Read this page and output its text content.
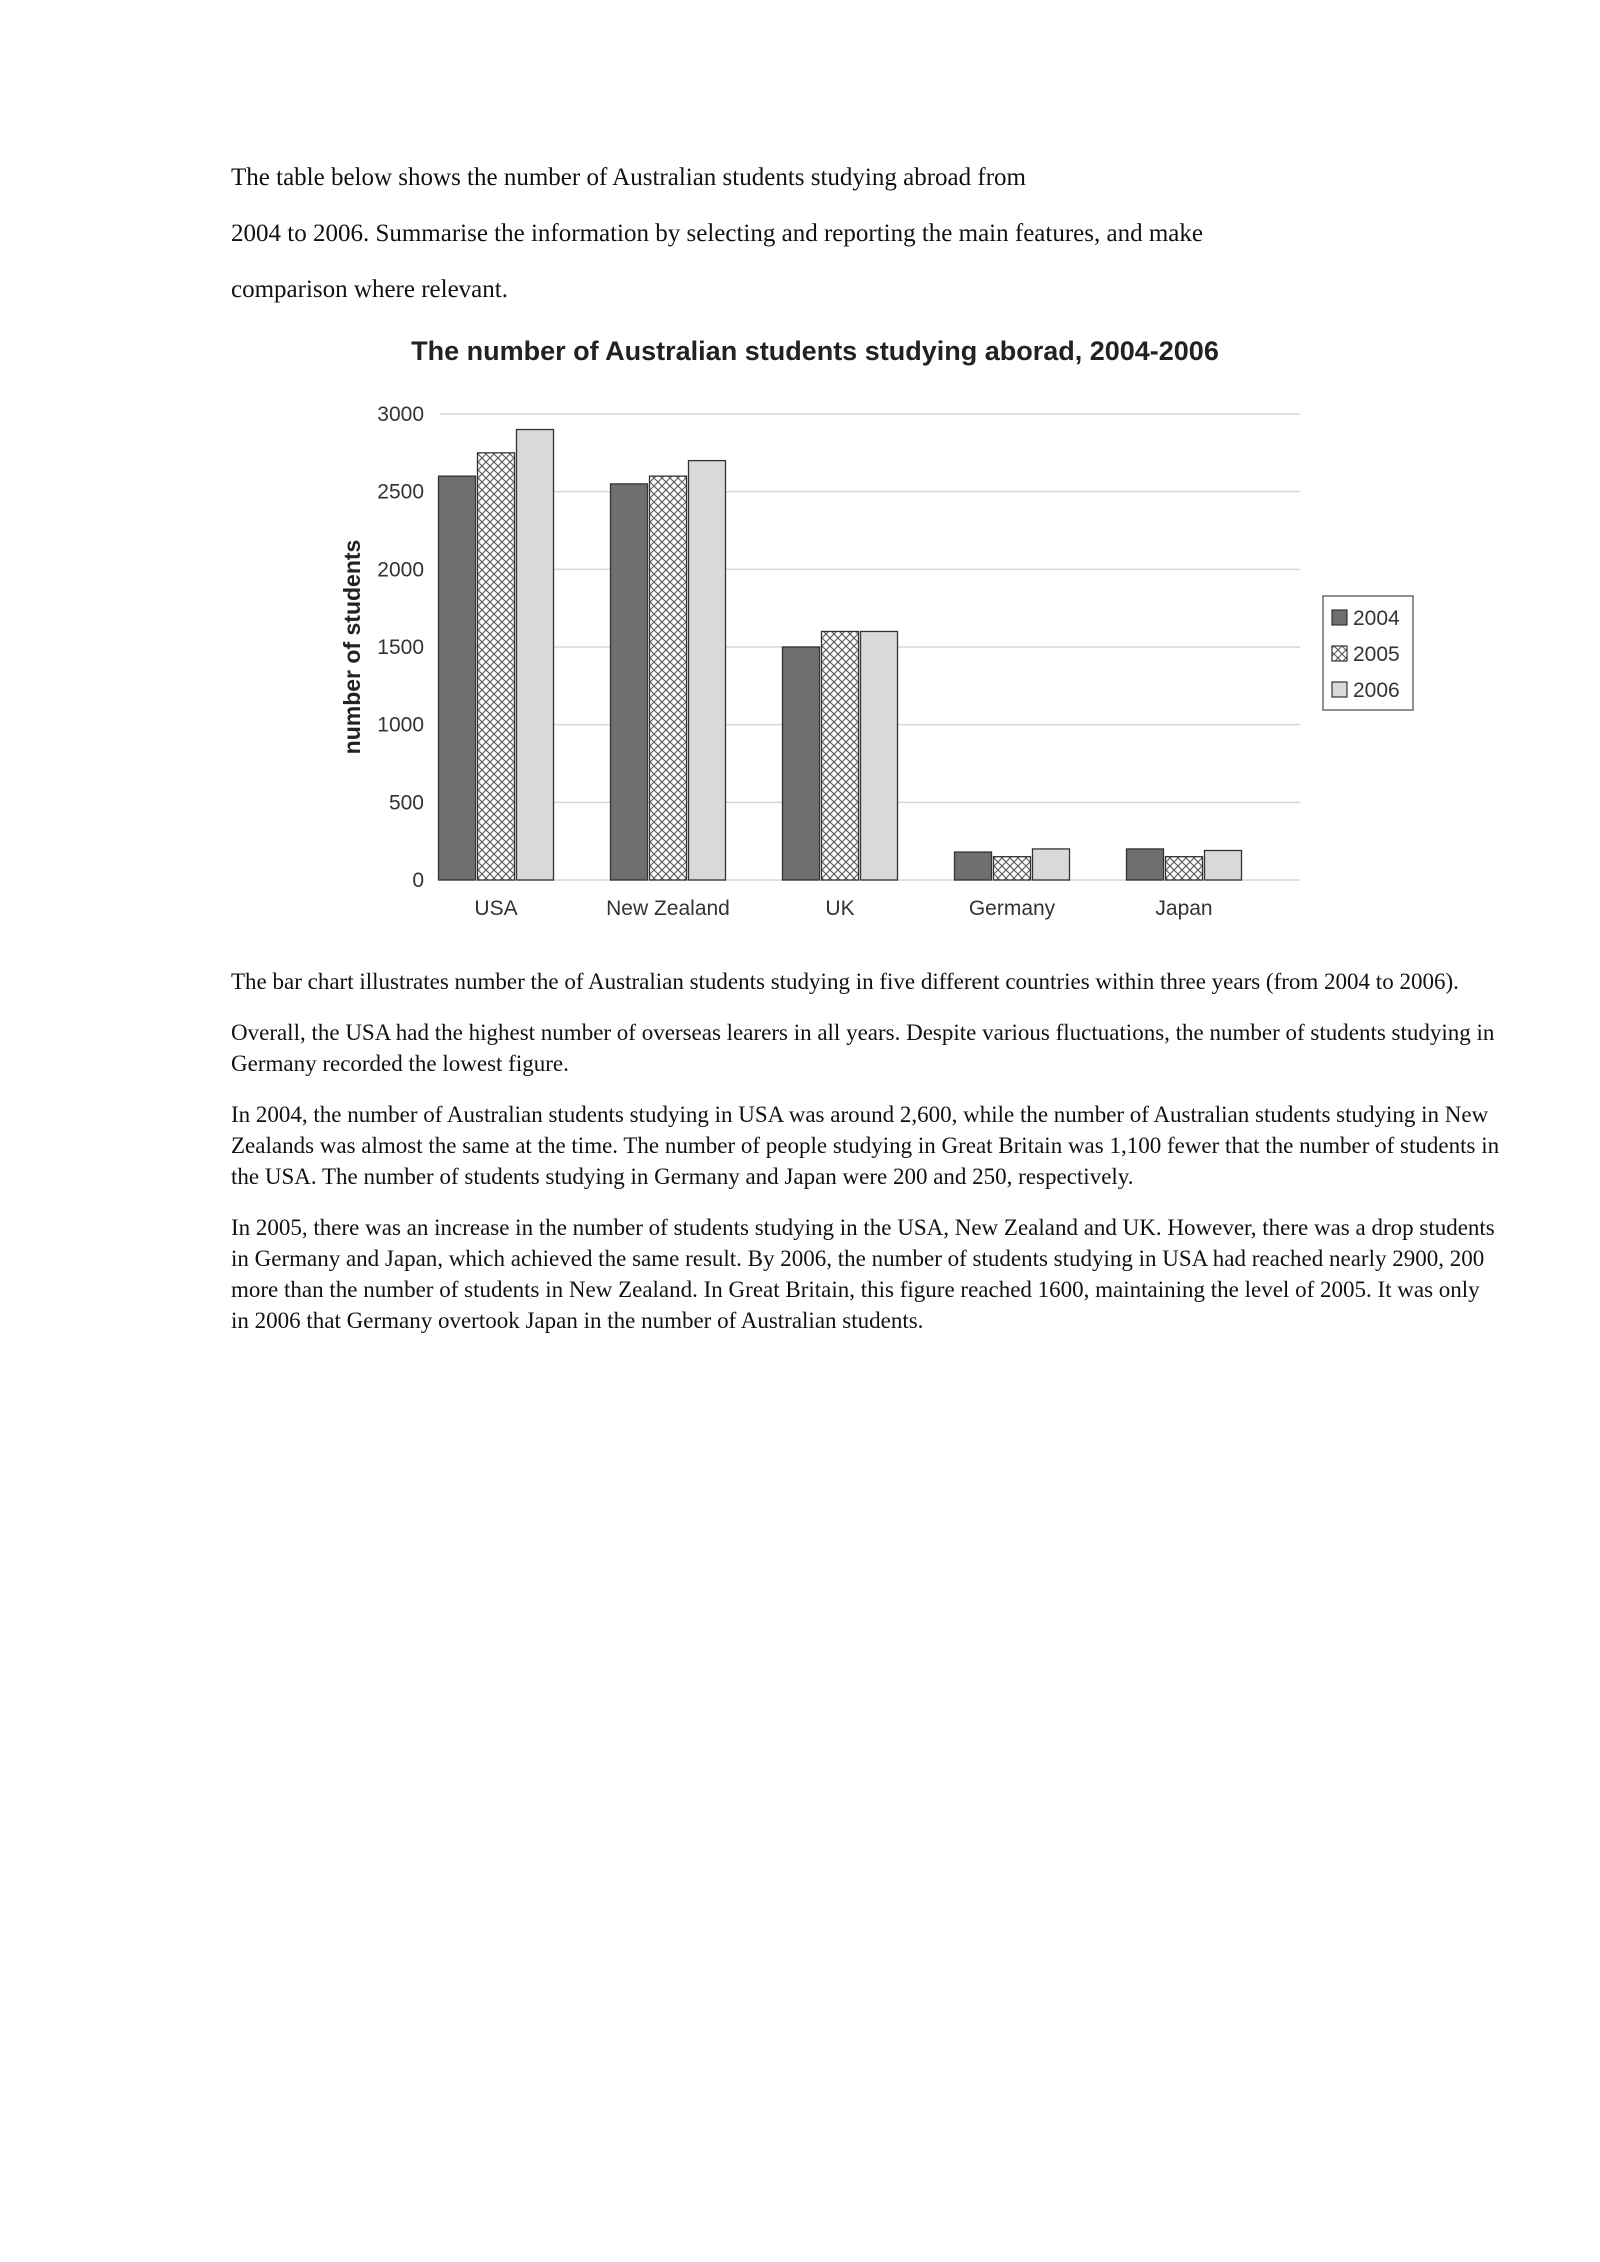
The table below shows the number of Australian students studying abroad from

2004 to 2006. Summarise the information by selecting and reporting the main features, and make

comparison where relevant.

The number of Australian students studying aborad, 2004-2006
0
500
1000
1500
2000
2500
3000
number of students
USA	New Zealand	UK	Germany	Japan
2004
2005
2006

The bar chart illustrates number the of Australian students studying in five different countries within three years (from 2004 to 2006).

Overall, the USA had the highest number of overseas learers in all years. Despite various fluctuations, the number of students studying in Germany recorded the lowest figure.

In 2004, the number of Australian students studying in USA was around 2,600, while the number of Australian students studying in New Zealands was almost the same at the time. The number of people studying in Great Britain was 1,100 fewer that the number of students in the USA. The number of students studying in Germany and Japan were 200 and 250, respectively.

In 2005, there was an increase in the number of students studying in the USA, New Zealand and UK. However, there was a drop students in Germany and Japan, which achieved the same result. By 2006, the number of students studying in USA had reached nearly 2900, 200 more than the number of students in New Zealand. In Great Britain, this figure reached 1600, maintaining the level of 2005. It was only in 2006 that Germany overtook Japan in the number of Australian students.
